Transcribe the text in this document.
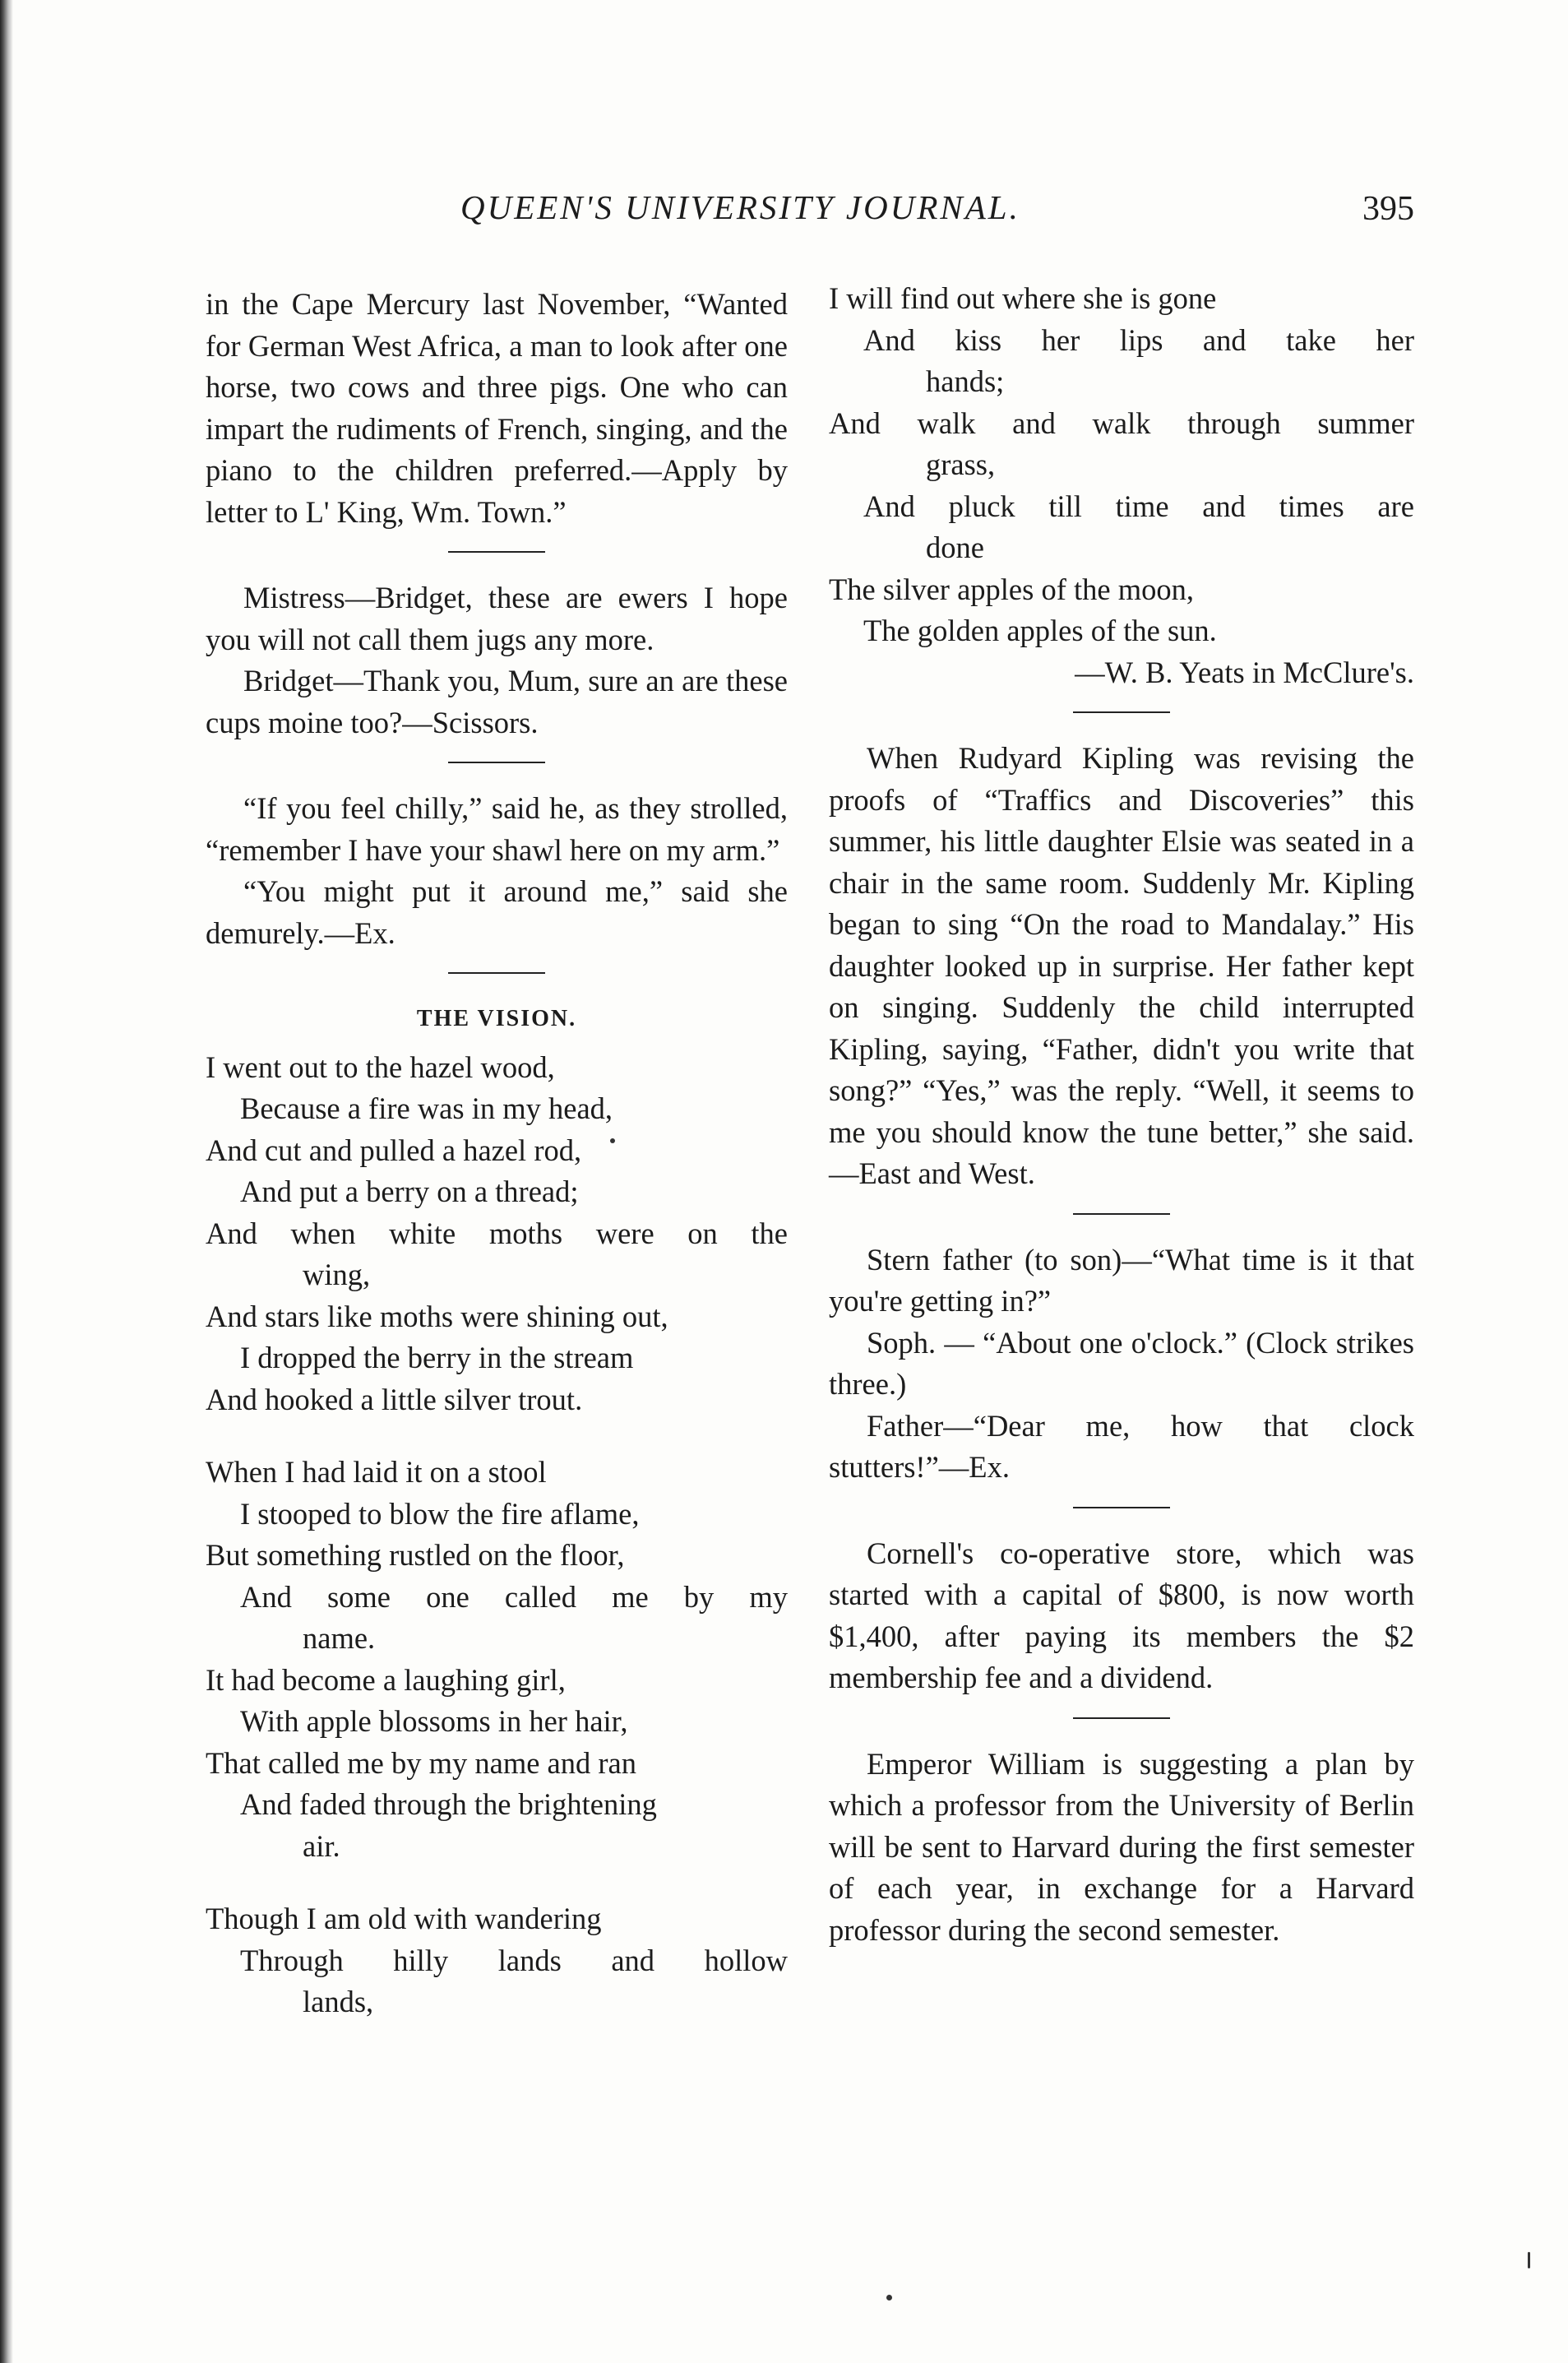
QUEEN'S UNIVERSITY JOURNAL.	395

in the Cape Mercury last November, “Wanted for German West Africa, a man to look after one horse, two cows and three pigs. One who can impart the rudiments of French, singing, and the piano to the children preferred.—Apply by letter to L' King, Wm. Town.”

Mistress—Bridget, these are ewers I hope you will not call them jugs any more.

Bridget—Thank you, Mum, sure an are these cups moine too?—Scissors.

“If you feel chilly,” said he, as they strolled, “remember I have your shawl here on my arm.”

“You might put it around me,” said she demurely.—Ex.

THE VISION.
I went out to the hazel wood,
Because a fire was in my head,
And cut and pulled a hazel rod,
And put a berry on a thread;
And when white moths were on the
wing,
And stars like moths were shining out,
I dropped the berry in the stream
And hooked a little silver trout.
When I had laid it on a stool
I stooped to blow the fire aflame,
But something rustled on the floor,
And some one called me by my
name.
It had become a laughing girl,
With apple blossoms in her hair,
That called me by my name and ran
And faded through the brightening
air.
Though I am old with wandering
Through hilly lands and hollow
lands,
I will find out where she is gone
And kiss her lips and take her
hands;
And walk and walk through summer
grass,
And pluck till time and times are
done
The silver apples of the moon,
The golden apples of the sun.
—W. B. Yeats in McClure's.

When Rudyard Kipling was revising the proofs of “Traffics and Discoveries” this summer, his little daughter Elsie was seated in a chair in the same room. Suddenly Mr. Kipling began to sing “On the road to Mandalay.” His daughter looked up in surprise. Her father kept on singing. Suddenly the child interrupted Kipling, saying, “Father, didn't you write that song?” “Yes,” was the reply. “Well, it seems to me you should know the tune better,” she said.—East and West.

Stern father (to son)—“What time is it that you're getting in?”

Soph. — “About one o'clock.” (Clock strikes three.)

Father—“Dear me, how that clock stutters!”—Ex.

Cornell's co-operative store, which was started with a capital of $800, is now worth $1,400, after paying its members the $2 membership fee and a dividend.

Emperor William is suggesting a plan by which a professor from the University of Berlin will be sent to Harvard during the first semester of each year, in exchange for a Harvard professor during the second semester.
